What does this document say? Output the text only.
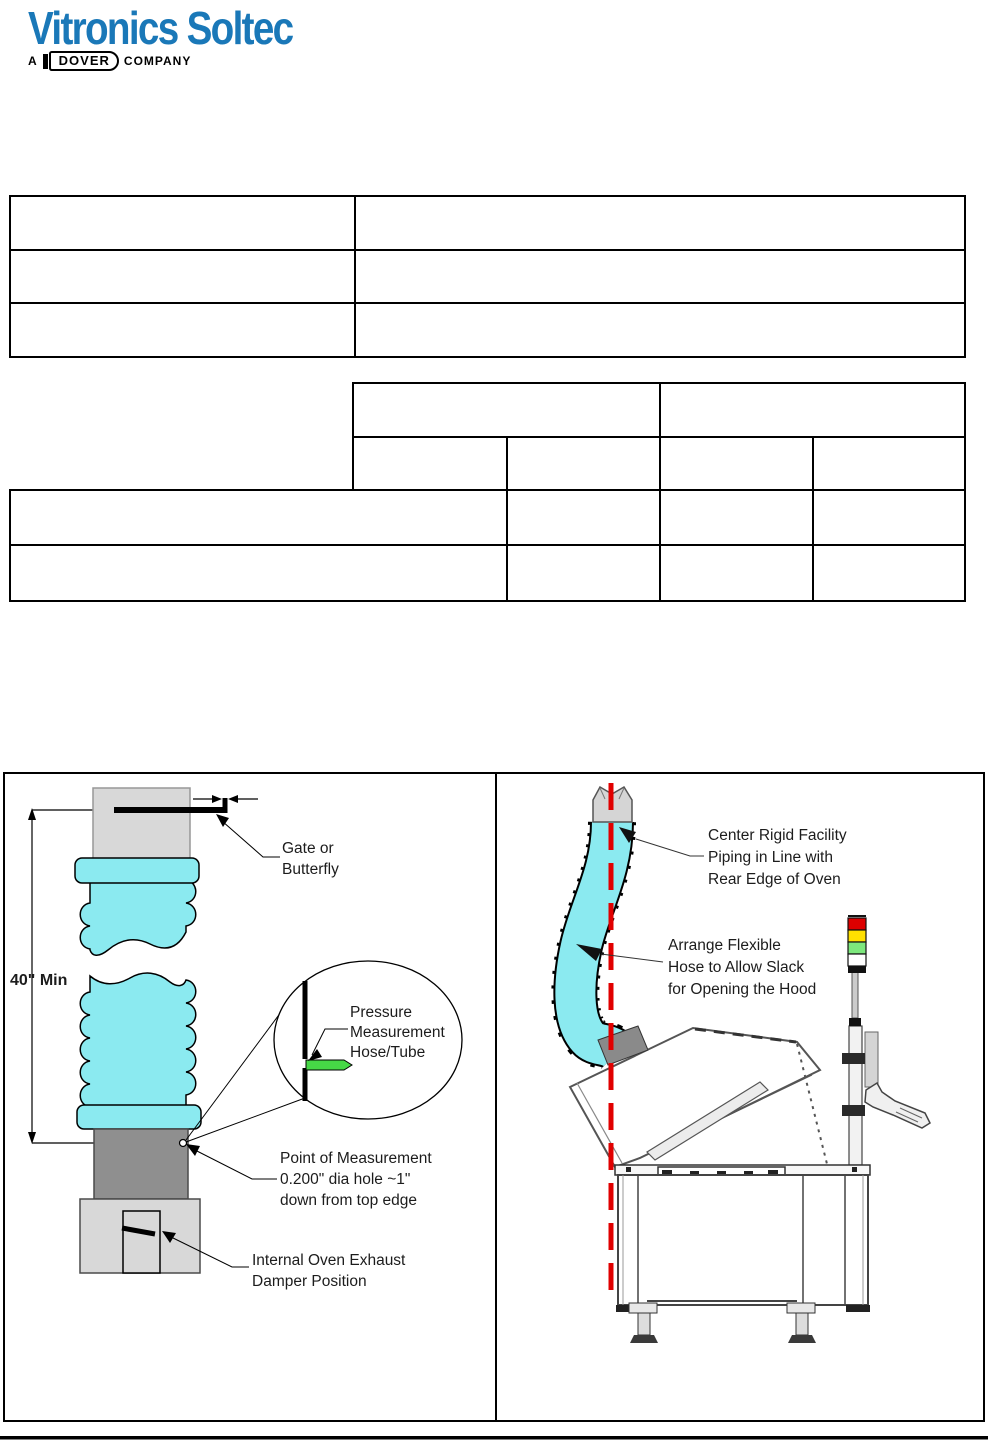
Vitronics Soltec
A	DOVER	COMPANY
40" Min
Gate or
Butterfly
Pressure
Measurement
Hose/Tube
Point of Measurement
0.200" dia hole ~1"
down from top edge
Internal Oven Exhaust
Damper Position
Center Rigid Facility
Piping in Line with
Rear Edge of Oven
Arrange Flexible
Hose to Allow Slack
for Opening the Hood
